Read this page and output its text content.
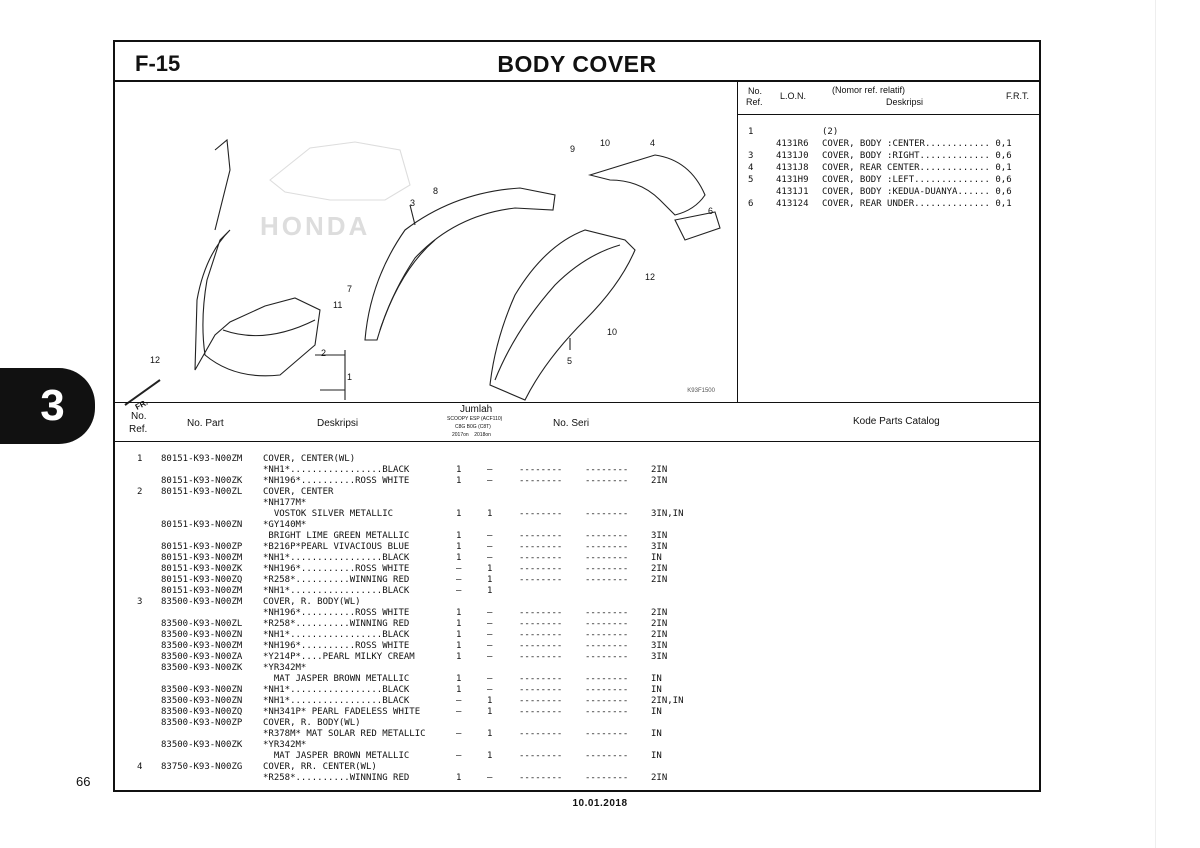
3
66
10.01.2018
F-15	BODY COVER
HONDA
1
2
3
4
5
6
7
8
9
10
11
12
12
10
FR.
K93F1500
No.
Ref.
L.O.N.
(Nomor ref. relatif)
Deskripsi
F.R.T.
1	(2)
4131R6 COVER, BODY :CENTER............ 0,1
3	4131J0 COVER, BODY :RIGHT............. 0,6
4	4131J8 COVER, REAR CENTER............. 0,1
5	4131H9 COVER, BODY :LEFT.............. 0,6
4131J1 COVER, BODY :KEDUA-DUANYA...... 0,6
6	413124 COVER, REAR UNDER.............. 0,1
No.
Ref.
No. Part	Deskripsi
Jumlah
SCOOPY ESP (ACF110)
C8G B0G (C8T)
2017on    2018on
No. Seri	Kode Parts Catalog
1 80151-K93-N00ZM COVER, CENTER(WL)
*NH1*.................BLACK	1	–	--------	--------	2IN
80151-K93-N00ZK *NH196*..........ROSS WHITE	1	–	--------	--------	2IN
2 80151-K93-N00ZL COVER, CENTER
*NH177M*
VOSTOK SILVER METALLIC	1	1	--------	--------	3IN,IN
80151-K93-N00ZN *GY140M*
BRIGHT LIME GREEN METALLIC	1	–	--------	--------	3IN
80151-K93-N00ZP *B216P*PEARL VIVACIOUS BLUE	1	–	--------	--------	3IN
80151-K93-N00ZM *NH1*.................BLACK	1	–	--------	--------	IN
80151-K93-N00ZK *NH196*..........ROSS WHITE	–	1	--------	--------	2IN
80151-K93-N00ZQ *R258*..........WINNING RED	–	1	--------	--------	2IN
80151-K93-N00ZM *NH1*.................BLACK	–	1
3 83500-K93-N00ZM COVER, R. BODY(WL)
*NH196*..........ROSS WHITE	1	–	--------	--------	2IN
83500-K93-N00ZL *R258*..........WINNING RED	1	–	--------	--------	2IN
83500-K93-N00ZN *NH1*.................BLACK	1	–	--------	--------	2IN
83500-K93-N00ZM *NH196*..........ROSS WHITE	1	–	--------	--------	3IN
83500-K93-N00ZA *Y214P*....PEARL MILKY CREAM	1	–	--------	--------	3IN
83500-K93-N00ZK *YR342M*
MAT JASPER BROWN METALLIC	1	–	--------	--------	IN
83500-K93-N00ZN *NH1*.................BLACK	1	–	--------	--------	IN
83500-K93-N00ZN *NH1*.................BLACK	–	1	--------	--------	2IN,IN
83500-K93-N00ZQ *NH341P* PEARL FADELESS WHITE	–	1	--------	--------	IN
83500-K93-N00ZP COVER, R. BODY(WL)
*R378M* MAT SOLAR RED METALLIC	–	1	--------	--------	IN
83500-K93-N00ZK *YR342M*
MAT JASPER BROWN METALLIC	–	1	--------	--------	IN
4 83750-K93-N00ZG COVER, RR. CENTER(WL)
*R258*..........WINNING RED	1	–	--------	--------	2IN
